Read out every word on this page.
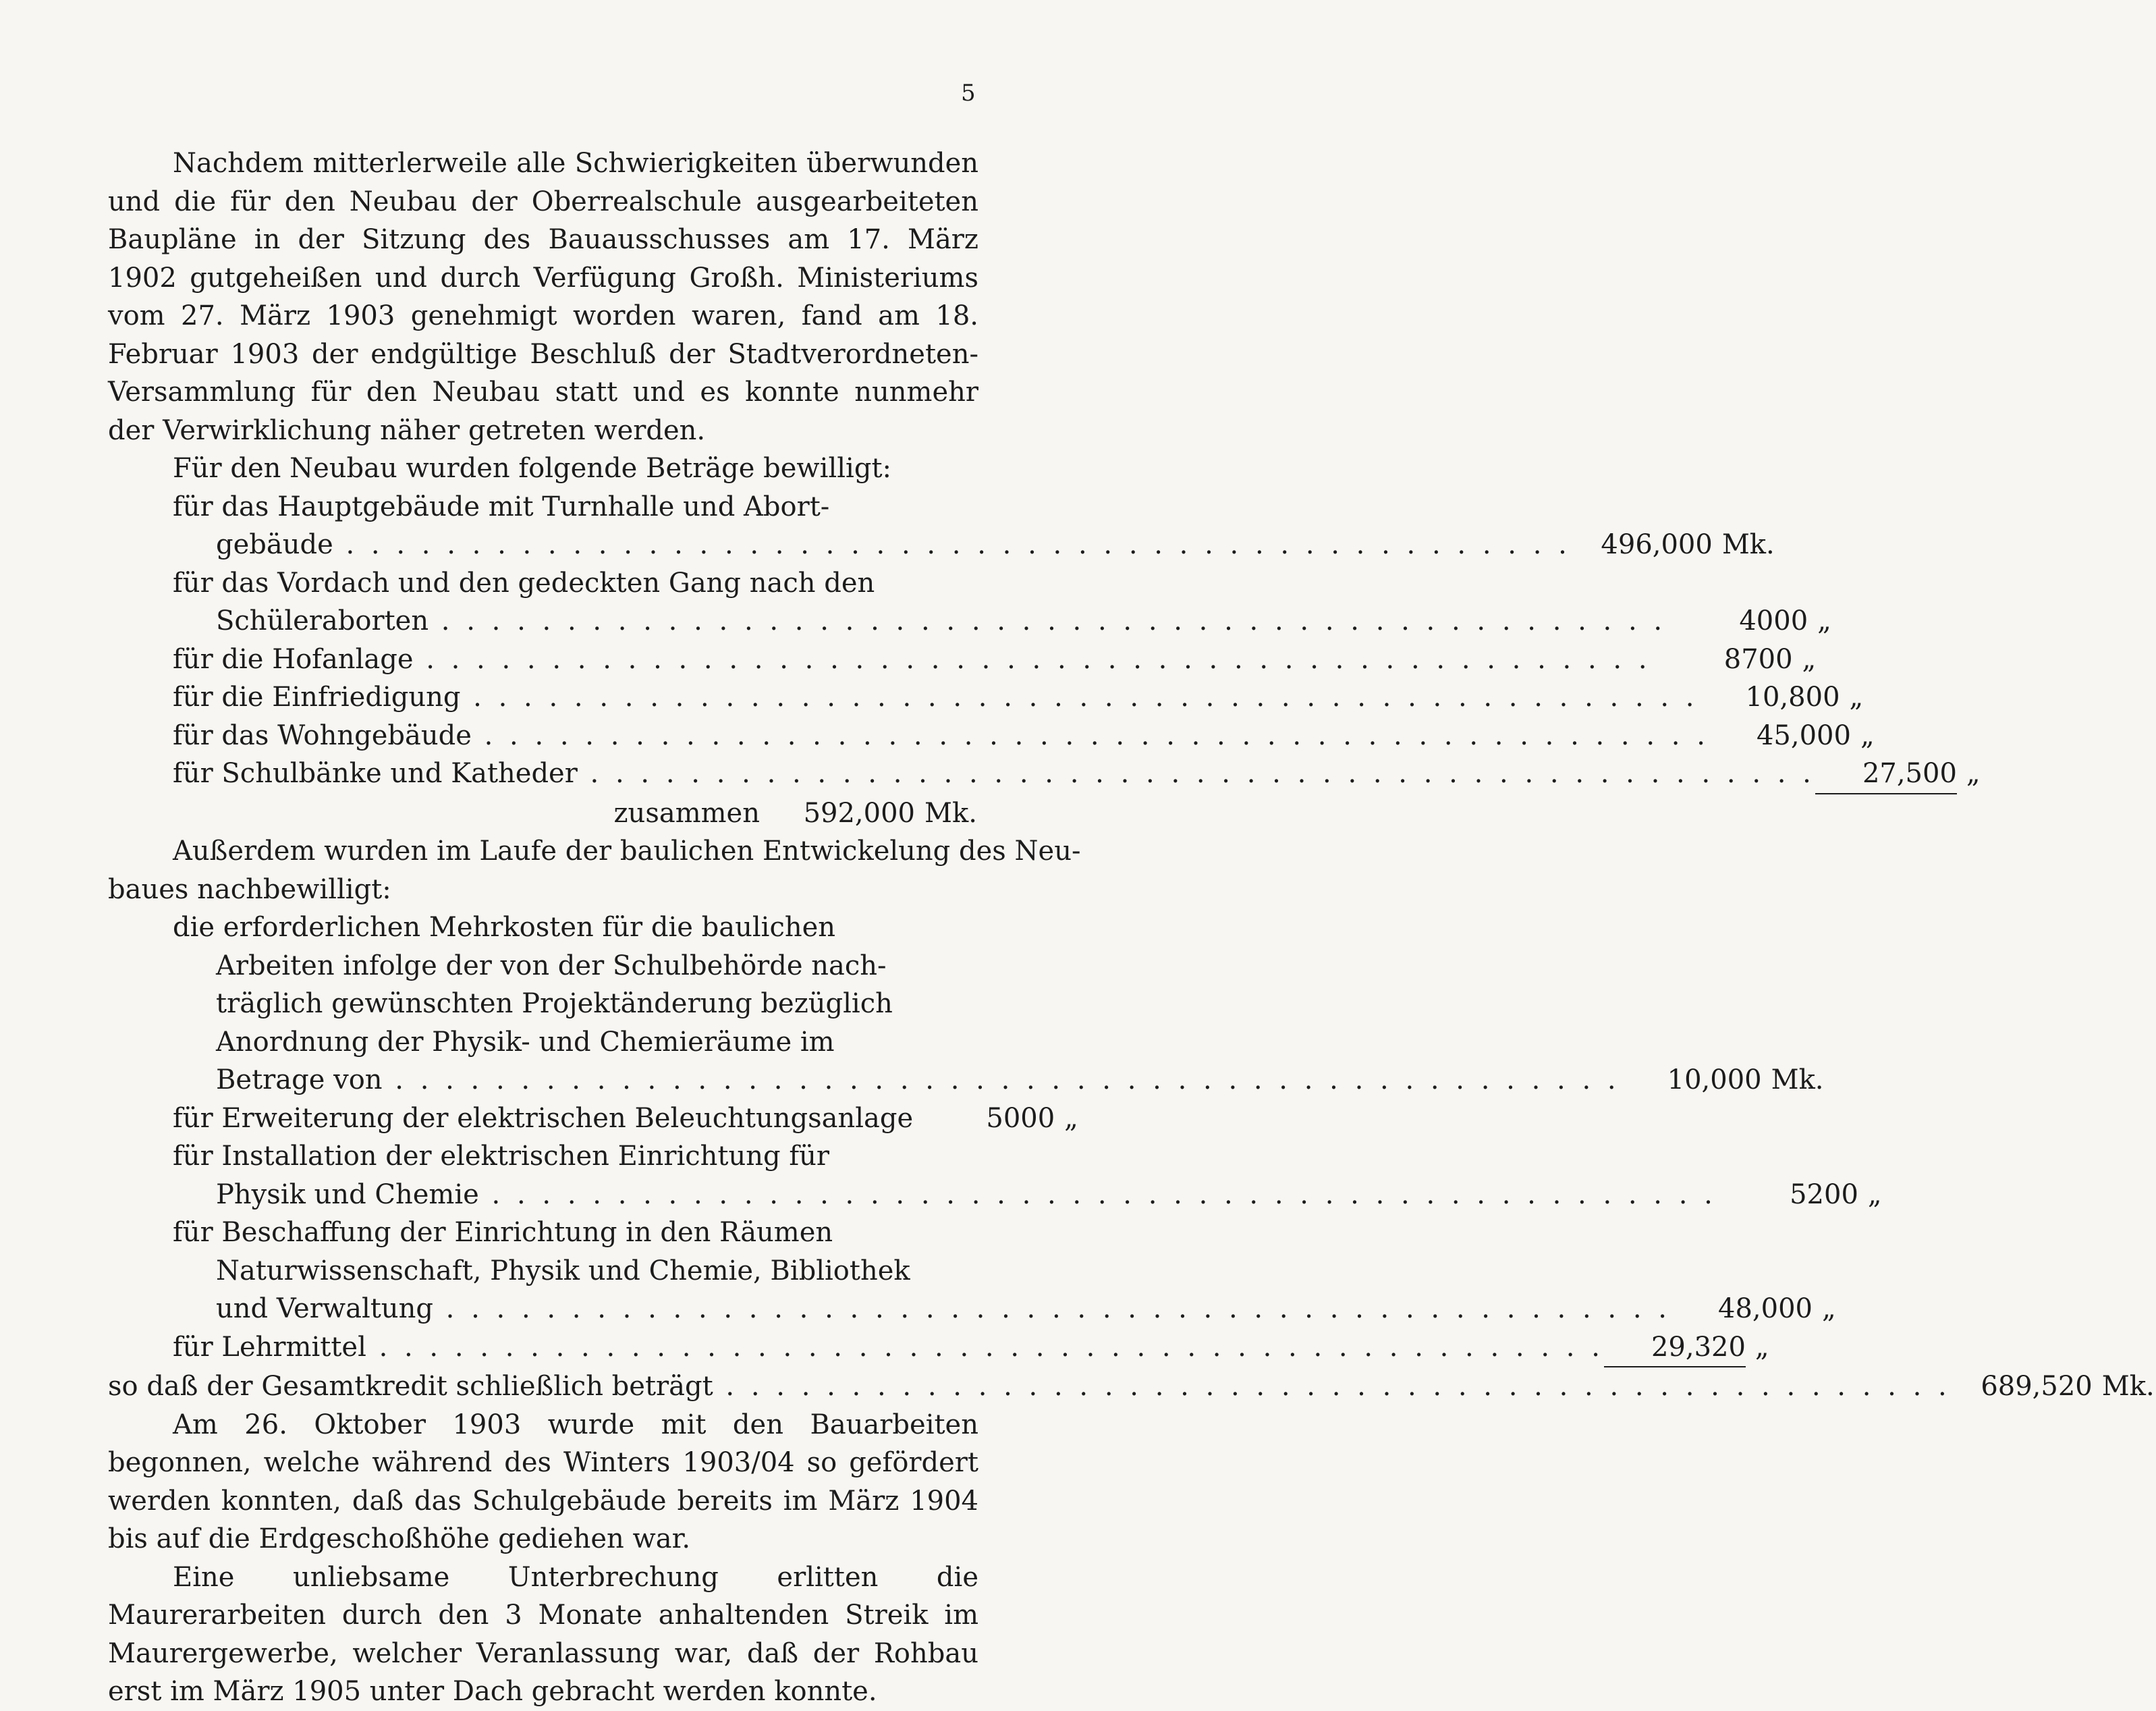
5

Nachdem mitterlerweile alle Schwierigkeiten überwunden und die für den Neubau der Oberrealschule ausgearbeiteten Baupläne in der Sitzung des Bauausschusses am 17. März 1902 gutgeheißen und durch Verfügung Großh. Ministeriums vom 27. März 1903 genehmigt worden waren, fand am 18. Februar 1903 der endgültige Beschluß der Stadtverordneten-Versammlung für den Neubau statt und es konnte nunmehr der Verwirklichung näher getreten werden.

Für den Neubau wurden folgende Beträge bewilligt:

für das Hauptgebäude mit Turnhalle und Abort-

gebäude . . .	496,000 Mk.

für das Vordach und den gedeckten Gang nach den

Schüleraborten . . .	4000 „
für die Hofanlage . . .	8700 „
für die Einfriedigung . . .	10,800 „
für das Wohngebäude . . .	45,000 „
für Schulbänke und Katheder . . .	27,500 „
zusammen	592,000 Mk.

Außerdem wurden im Laufe der baulichen Entwickelung des Neu-

baues nachbewilligt:

die erforderlichen Mehrkosten für die baulichen

Arbeiten infolge der von der Schulbehörde nach-

träglich gewünschten Projektänderung bezüglich

Anordnung der Physik- und Chemieräume im

Betrage von . . .	10,000 Mk.
für Erweiterung der elektrischen Beleuchtungsanlage	5000 „

für Installation der elektrischen Einrichtung für

Physik und Chemie . . .	5200 „

für Beschaffung der Einrichtung in den Räumen

Naturwissenschaft, Physik und Chemie, Bibliothek

und Verwaltung . . .	48,000 „
für Lehrmittel . . .	29,320 „
so daß der Gesamtkredit schließlich beträgt . . .	689,520 Mk.

Am 26. Oktober 1903 wurde mit den Bauarbeiten begonnen, welche während des Winters 1903/04 so gefördert werden konnten, daß das Schulgebäude bereits im März 1904 bis auf die Erdgeschoßhöhe gediehen war.

Eine unliebsame Unterbrechung erlitten die Maurerarbeiten durch den 3 Monate anhaltenden Streik im Maurergewerbe, welcher Veranlassung war, daß der Rohbau erst im März 1905 unter Dach gebracht werden konnte.
